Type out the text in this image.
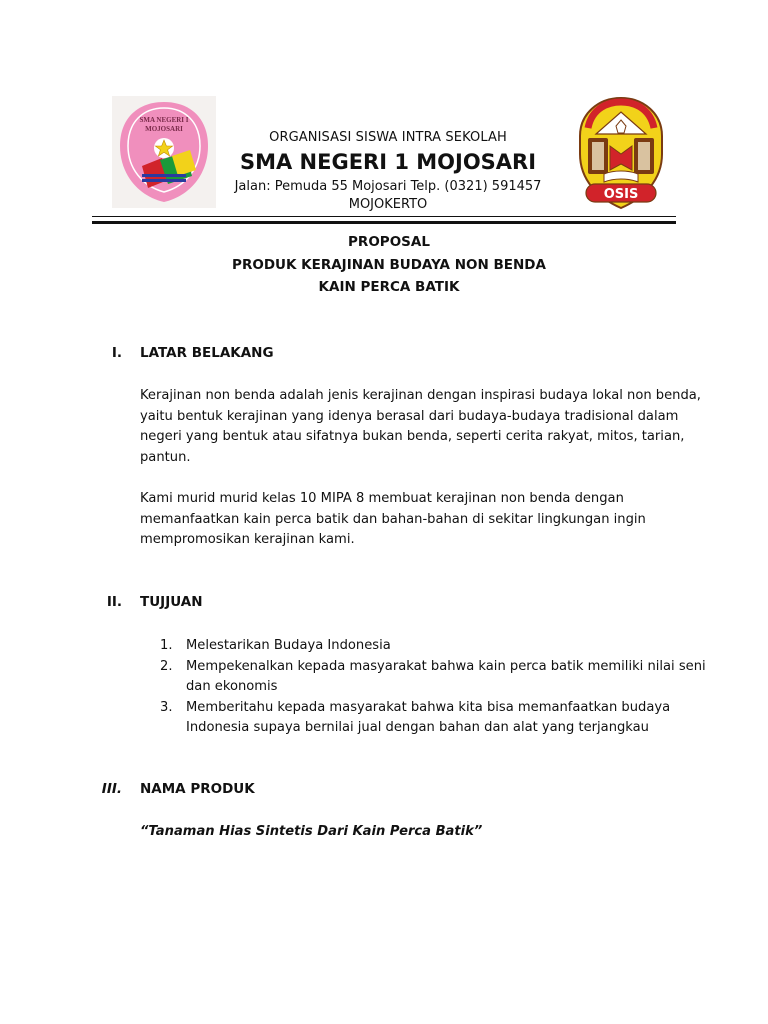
SMA NEGERI I
MOJOSARI
ORGANISASI SISWA INTRA SEKOLAH
SMA NEGERI 1 MOJOSARI
Jalan: Pemuda 55 Mojosari Telp. (0321) 591457
MOJOKERTO
OSIS
PROPOSAL
PRODUK KERAJINAN BUDAYA NON BENDA
KAIN PERCA BATIK
I. LATAR BELAKANG
Kerajinan non benda adalah jenis kerajinan dengan inspirasi budaya lokal non benda,
yaitu bentuk kerajinan yang idenya berasal dari budaya-budaya tradisional dalam
negeri yang bentuk atau sifatnya bukan benda, seperti cerita rakyat, mitos, tarian,
pantun.
Kami murid murid kelas 10 MIPA 8 membuat kerajinan non benda dengan
memanfaatkan kain perca batik dan bahan-bahan di sekitar lingkungan ingin
mempromosikan kerajinan kami.
II. TUJJUAN
1. Melestarikan Budaya Indonesia
2. Mempekenalkan kepada masyarakat bahwa kain perca batik memiliki nilai seni
dan ekonomis
3. Memberitahu kepada masyarakat bahwa kita bisa memanfaatkan budaya
Indonesia supaya bernilai jual dengan bahan dan alat yang terjangkau
III. NAMA PRODUK
“Tanaman Hias Sintetis Dari Kain Perca Batik”
